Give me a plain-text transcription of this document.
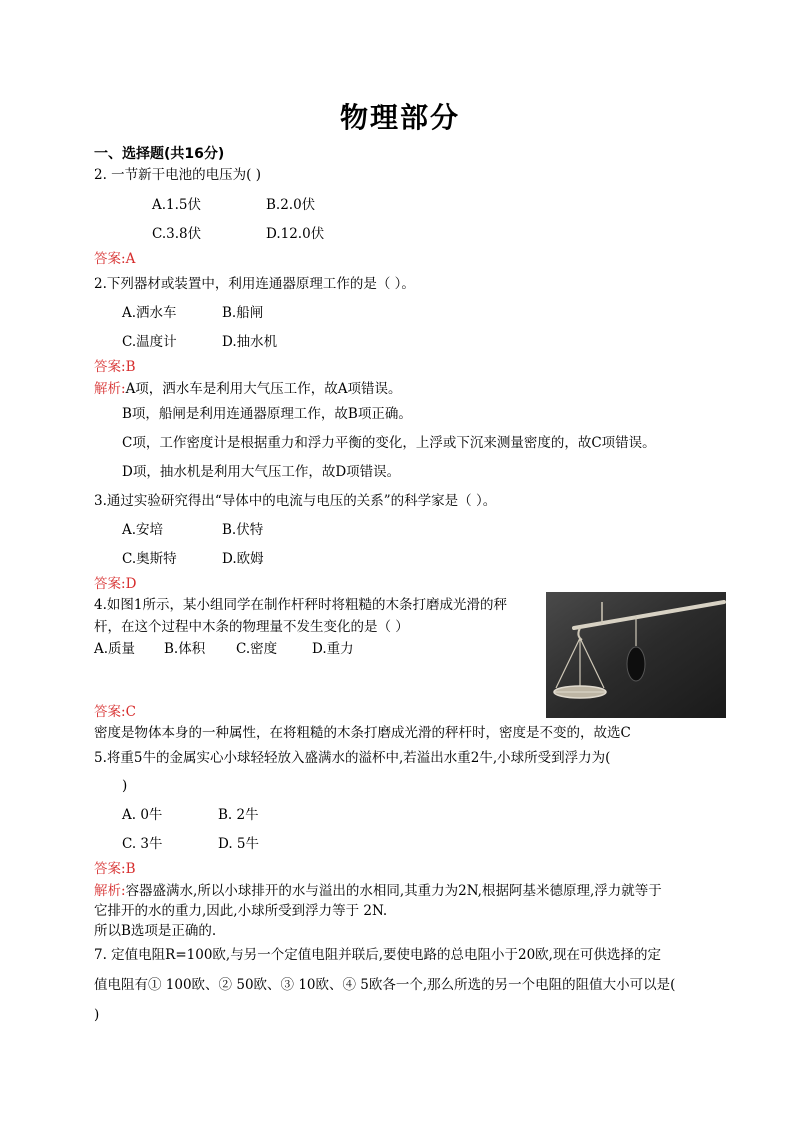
物理部分
一、选择题(共16分)
2. 一节新干电池的电压为( )
A.1.5伏	B.2.0伏
C.3.8伏	D.12.0伏
答案:A
2.下列器材或装置中，利用连通器原理工作的是（ ）。
A.洒水车	B.船闸
C.温度计	D.抽水机
答案:B
解析:A项，洒水车是利用大气压工作，故A项错误。
B项，船闸是利用连通器原理工作，故B项正确。
C项，工作密度计是根据重力和浮力平衡的变化，上浮或下沉来测量密度的，故C项错误。
D项，抽水机是利用大气压工作，故D项错误。
3.通过实验研究得出“导体中的电流与电压的关系”的科学家是（ ）。
A.安培	B.伏特
C.奥斯特	D.欧姆
答案:D
4.如图1所示，某小组同学在制作杆秤时将粗糙的木条打磨成光滑的秤
杆，在这个过程中木条的物理量不发生变化的是（ ）
A.质量 B.体积 C.密度	D.重力
答案:C
密度是物体本身的一种属性，在将粗糙的木条打磨成光滑的秤杆时，密度是不变的，故选C
5.将重5牛的金属实心小球轻轻放入盛满水的溢杯中,若溢出水重2牛,小球所受到浮力为(
)
A. 0牛	B. 2牛
C. 3牛	D. 5牛
答案:B
解析:容器盛满水,所以小球排开的水与溢出的水相同,其重力为2N,根据阿基米德原理,浮力就等于
它排开的水的重力,因此,小球所受到浮力等于 2N.
所以B选项是正确的.
7. 定值电阻R=100欧,与另一个定值电阻并联后,要使电路的总电阻小于20欧,现在可供选择的定
值电阻有① 100欧、② 50欧、③ 10欧、④ 5欧各一个,那么所选的另一个电阻的阻值大小可以是(
)
